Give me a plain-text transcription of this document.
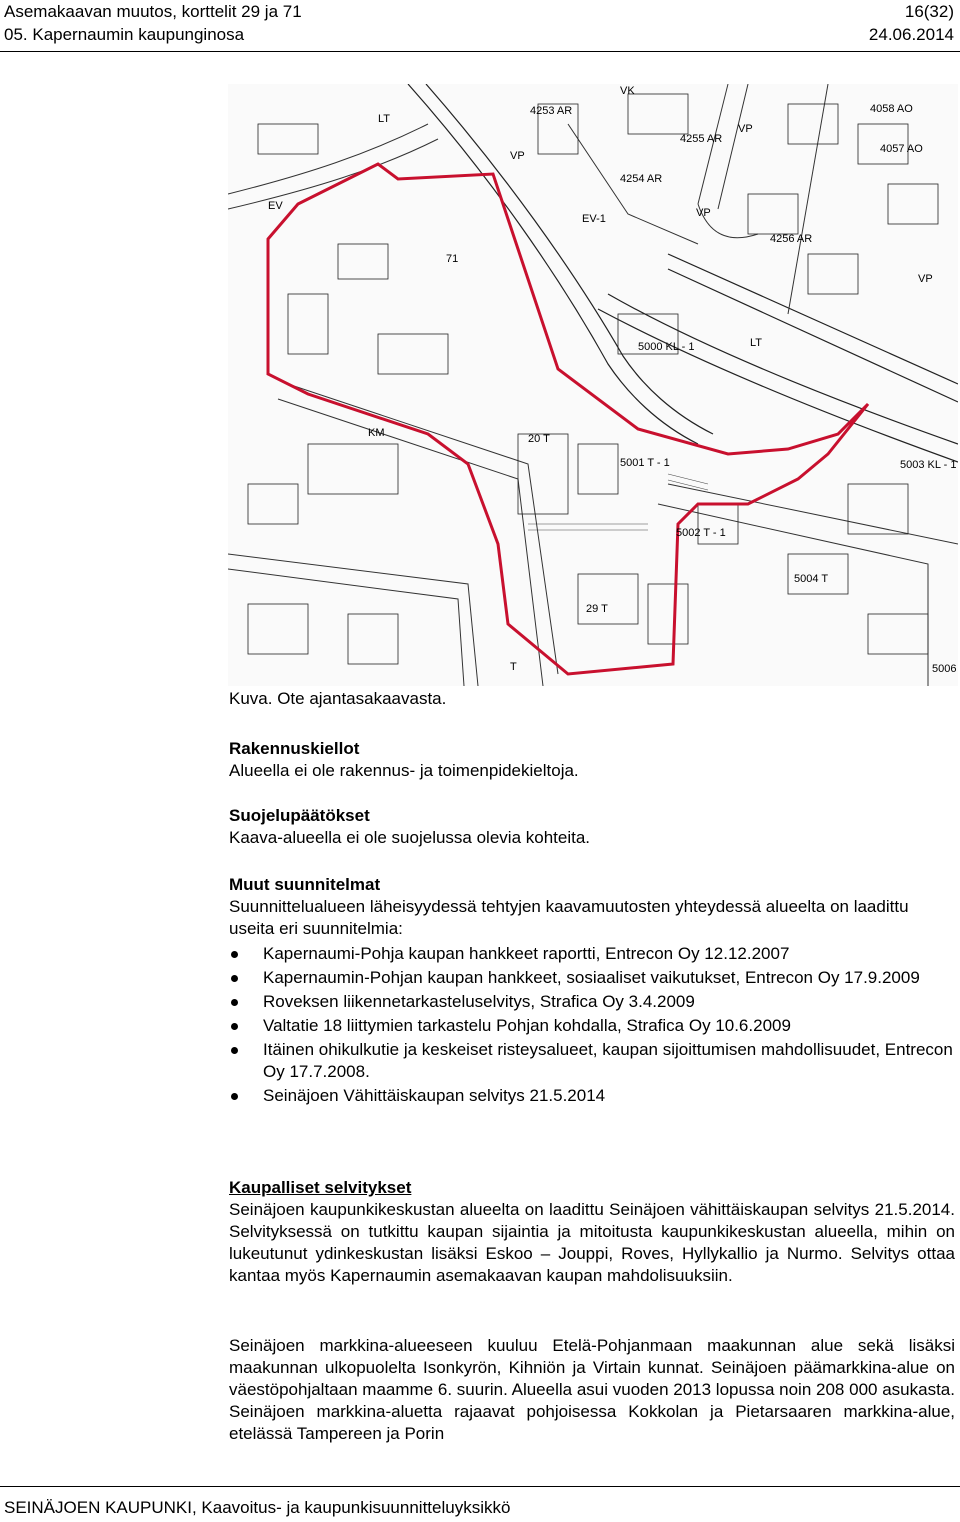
Asemakaavan muutos, korttelit 29 ja 71	16(32)
05. Kapernaumin kaupunginosa	24.06.2014
EV
EV-1
LT
LT
VP
VP
VP
VP
VK
4253 AR
4255 AR
4254 AR
4256 AR
4058 AO
4057 AO
5000 KL - 1
5003 KL - 1
KM	20 T
5001 T - 1
5002 T - 1
5004 T
29 T
T
71
5006
Kuva. Ote ajantasakaavasta.
Rakennuskiellot
Alueella ei ole rakennus- ja toimenpidekieltoja.
Suojelupäätökset
Kaava-alueella ei ole suojelussa olevia kohteita.
Muut suunnitelmat
Suunnittelualueen läheisyydessä tehtyjen kaavamuutosten yhteydessä alueelta on laadittu useita eri suunnitelmia:
Kapernaumi-Pohja kaupan hankkeet raportti, Entrecon Oy 12.12.2007
Kapernaumin-Pohjan kaupan hankkeet, sosiaaliset vaikutukset, Entrecon Oy 17.9.2009
Roveksen liikennetarkasteluselvitys, Strafica Oy 3.4.2009
Valtatie 18 liittymien tarkastelu Pohjan kohdalla, Strafica Oy 10.6.2009
Itäinen ohikulkutie ja keskeiset risteysalueet, kaupan sijoittumisen mahdollisuudet, Entrecon Oy 17.7.2008.
Seinäjoen Vähittäiskaupan selvitys 21.5.2014
Kaupalliset selvitykset
Seinäjoen kaupunkikeskustan alueelta on laadittu Seinäjoen vähittäiskaupan selvitys 21.5.2014. Selvityksessä on tutkittu kaupan sijaintia ja mitoitusta kaupunkikeskustan alueella, mihin on lukeutunut ydinkeskustan lisäksi Eskoo – Jouppi, Roves, Hyllykallio ja Nurmo. Selvitys ottaa kantaa myös Kapernaumin asemakaavan kaupan mahdolisuuksiin.
Seinäjoen markkina-alueeseen kuuluu Etelä-Pohjanmaan maakunnan alue sekä lisäksi maakunnan ulkopuolelta Isonkyrön, Kihniön ja Virtain kunnat. Seinäjoen päämarkkina-alue on väestöpohjaltaan maamme 6. suurin. Alueella asui vuoden 2013 lopussa noin 208 000 asukasta. Seinäjoen markkina-aluetta rajaavat pohjoisessa Kokkolan ja Pietarsaaren markkina-alue, etelässä Tampereen ja Porin
SEINÄJOEN KAUPUNKI, Kaavoitus- ja kaupunkisuunnitteluyksikkö
